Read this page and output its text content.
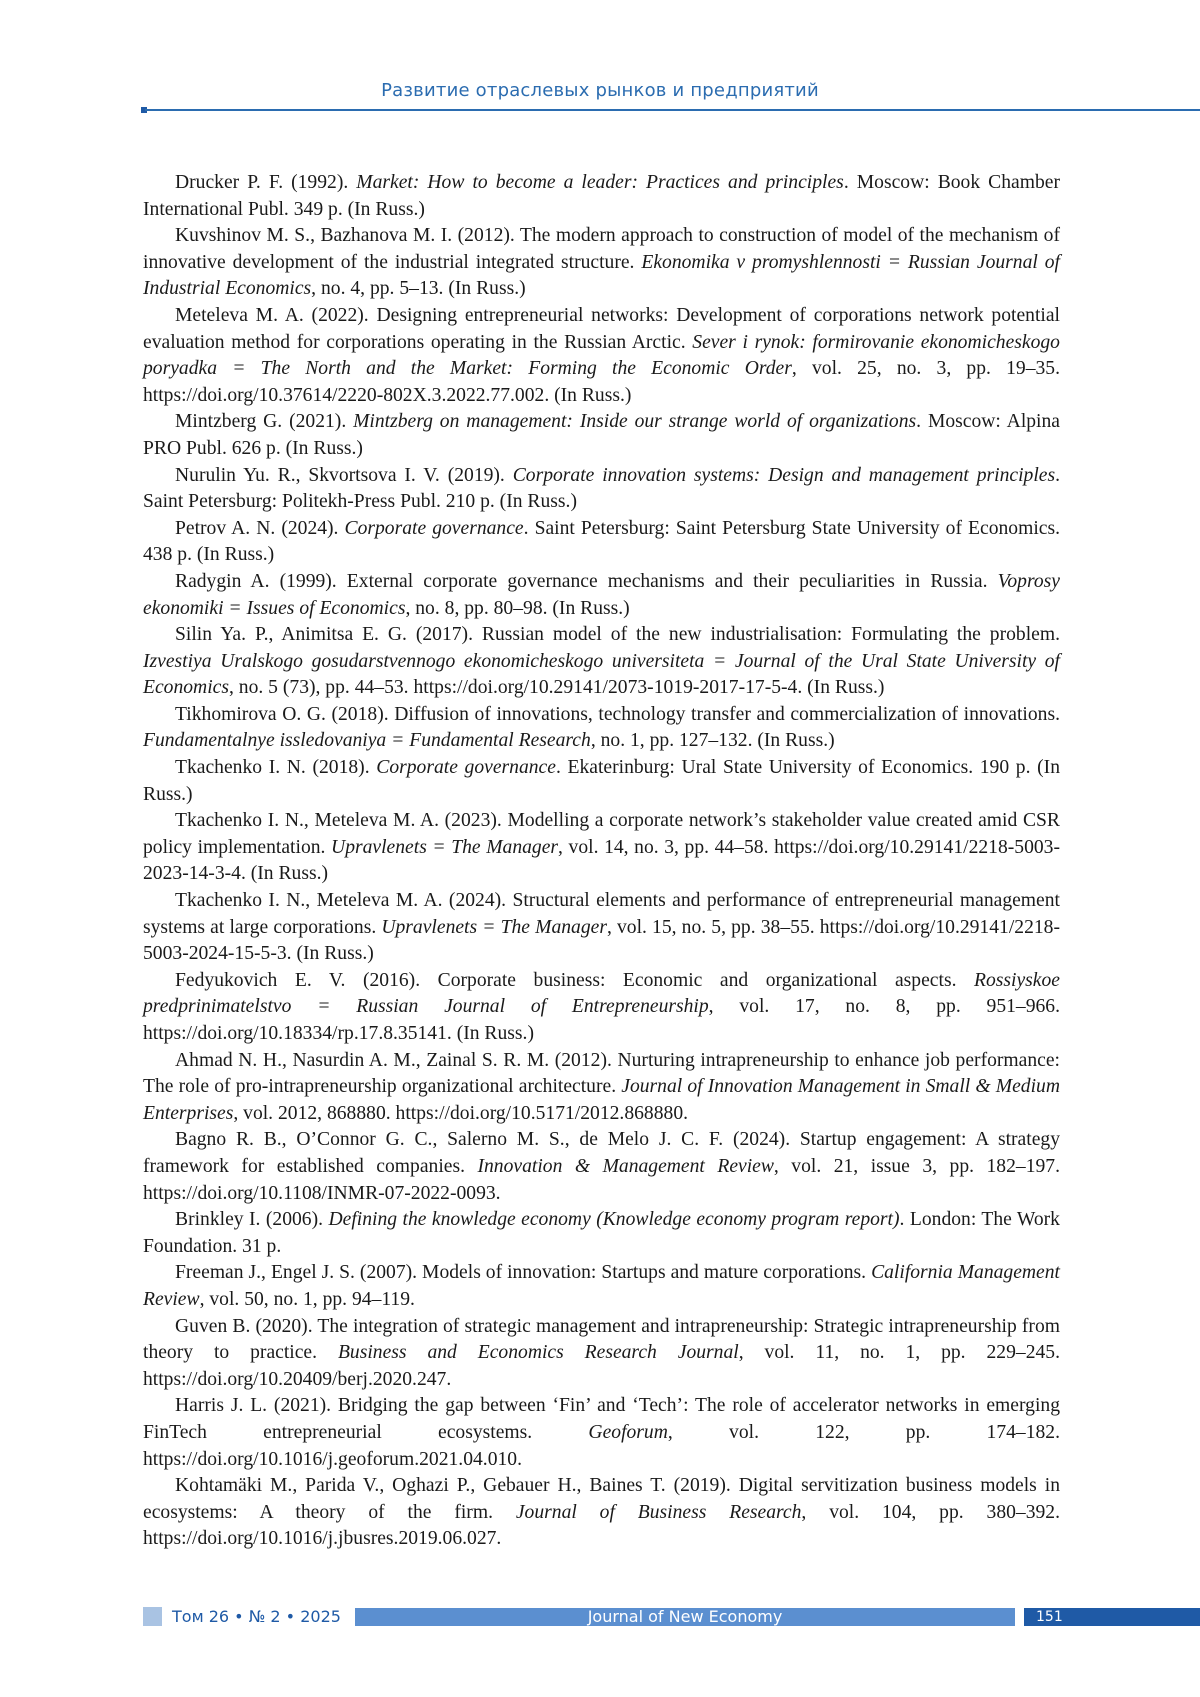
Развитие отраслевых рынков и предприятий

Drucker P. F. (1992). Market: How to become a leader: Practices and principles. Moscow: Book Chamber International Publ. 349 p. (In Russ.)

Kuvshinov M. S., Bazhanova M. I. (2012). The modern approach to construction of model of the mechanism of innovative development of the industrial integrated structure. Ekonomika v promyshlennosti = Russian Journal of Industrial Economics, no. 4, pp. 5–13. (In Russ.)

Meteleva M. A. (2022). Designing entrepreneurial networks: Development of corporations network potential evaluation method for corporations operating in the Russian Arctic. Sever i rynok: formirovanie ekonomicheskogo poryadka = The North and the Market: Forming the Economic Order, vol. 25, no. 3, pp. 19–35. https://doi.org/10.37614/2220-802X.3.2022.77.002. (In Russ.)

Mintzberg G. (2021). Mintzberg on management: Inside our strange world of organizations. Moscow: Alpina PRO Publ. 626 p. (In Russ.)

Nurulin Yu. R., Skvortsova I. V. (2019). Corporate innovation systems: Design and management principles. Saint Petersburg: Politekh-Press Publ. 210 p. (In Russ.)

Petrov A. N. (2024). Corporate governance. Saint Petersburg: Saint Petersburg State University of Economics. 438 p. (In Russ.)

Radygin A. (1999). External corporate governance mechanisms and their peculiarities in Russia. Voprosy ekonomiki = Issues of Economics, no. 8, pp. 80–98. (In Russ.)

Silin Ya. P., Animitsa E. G. (2017). Russian model of the new industrialisation: Formulating the problem. Izvestiya Uralskogo gosudarstvennogo ekonomicheskogo universiteta = Journal of the Ural State University of Economics, no. 5 (73), pp. 44–53. https://doi.org/10.29141/2073-1019-2017-17-5-4. (In Russ.)

Tikhomirova O. G. (2018). Diffusion of innovations, technology transfer and commercialization of innovations. Fundamentalnye issledovaniya = Fundamental Research, no. 1, pp. 127–132. (In Russ.)

Tkachenko I. N. (2018). Corporate governance. Ekaterinburg: Ural State University of Economics. 190 p. (In Russ.)

Tkachenko I. N., Meteleva M. A. (2023). Modelling a corporate network’s stakeholder value created amid CSR policy implementation. Upravlenets = The Manager, vol. 14, no. 3, pp. 44–58. https://doi.org/10.29141/2218-5003-2023-14-3-4. (In Russ.)

Tkachenko I. N., Meteleva M. A. (2024). Structural elements and performance of entrepreneurial management systems at large corporations. Upravlenets = The Manager, vol. 15, no. 5, pp. 38–55. https://doi.org/10.29141/2218-5003-2024-15-5-3. (In Russ.)

Fedyukovich E. V. (2016). Corporate business: Economic and organizational aspects. Rossiyskoe predprinimatelstvo = Russian Journal of Entrepreneurship, vol. 17, no. 8, pp. 951–966. https://doi.org/10.18334/rp.17.8.35141. (In Russ.)

Ahmad N. H., Nasurdin A. M., Zainal S. R. M. (2012). Nurturing intrapreneurship to enhance job performance: The role of pro-intrapreneurship organizational architecture. Journal of Innovation Management in Small & Medium Enterprises, vol. 2012, 868880. https://doi.org/10.5171/2012.868880.

Bagno R. B., O’Connor G. C., Salerno M. S., de Melo J. C. F. (2024). Startup engagement: A strategy framework for established companies. Innovation & Management Review, vol. 21, issue 3, pp. 182–197. https://doi.org/10.1108/INMR-07-2022-0093.

Brinkley I. (2006). Defining the knowledge economy (Knowledge economy program report). London: The Work Foundation. 31 p.

Freeman J., Engel J. S. (2007). Models of innovation: Startups and mature corporations. California Management Review, vol. 50, no. 1, pp. 94–119.

Guven B. (2020). The integration of strategic management and intrapreneurship: Strategic intrapreneurship from theory to practice. Business and Economics Research Journal, vol. 11, no. 1, pp. 229–245. https://doi.org/10.20409/berj.2020.247.

Harris J. L. (2021). Bridging the gap between ‘Fin’ and ‘Tech’: The role of accelerator networks in emerging FinTech entrepreneurial ecosystems. Geoforum, vol. 122, pp. 174–182. https://doi.org/10.1016/j.geoforum.2021.04.010.

Kohtamäki M., Parida V., Oghazi P., Gebauer H., Baines T. (2019). Digital servitization business models in ecosystems: A theory of the firm. Journal of Business Research, vol. 104, pp. 380–392. https://doi.org/10.1016/j.jbusres.2019.06.027.

Том 26 • № 2 • 2025	Journal of New Economy	151
